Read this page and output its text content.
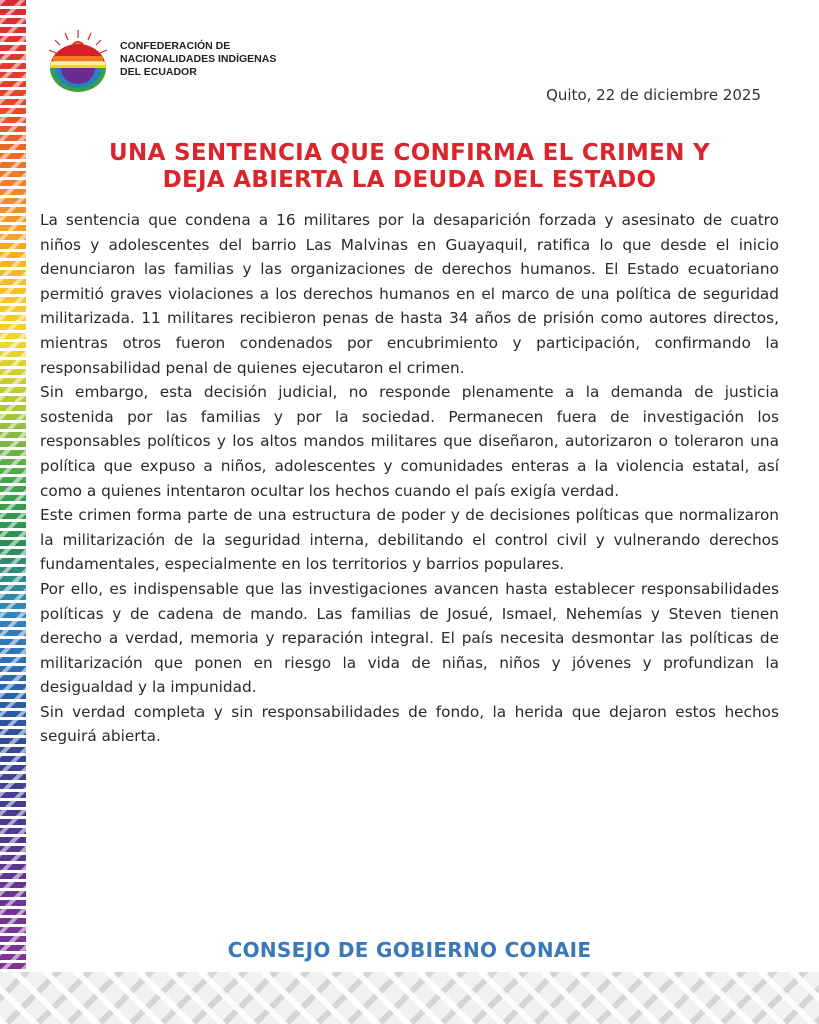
CONFEDERACIÓN DE
NACIONALIDADES INDÍGENAS
DEL ECUADOR
Quito, 22 de diciembre 2025
UNA SENTENCIA QUE CONFIRMA EL CRIMEN Y
DEJA ABIERTA LA DEUDA DEL ESTADO

La sentencia que condena a 16 militares por la desaparición forzada y asesinato de cuatro niños y adolescentes del barrio Las Malvinas en Guayaquil, ratifica lo que desde el inicio denunciaron las familias y las organizaciones de derechos humanos. El Estado ecuatoriano permitió graves violaciones a los derechos humanos en el marco de una política de seguridad militarizada. 11 militares recibieron penas de hasta 34 años de prisión como autores directos, mientras otros fueron condenados por encubrimiento y participación, confirmando la responsabilidad penal de quienes ejecutaron el crimen.

Sin embargo, esta decisión judicial, no responde plenamente a la demanda de justicia sostenida por las familias y por la sociedad. Permanecen fuera de investigación los responsables políticos y los altos mandos militares que diseñaron, autorizaron o toleraron una política que expuso a niños, adolescentes y comunidades enteras a la violencia estatal, así como a quienes intentaron ocultar los hechos cuando el país exigía verdad.

Este crimen forma parte de una estructura de poder y de decisiones políticas que normalizaron la militarización de la seguridad interna, debilitando el control civil y vulnerando derechos fundamentales, especialmente en los territorios y barrios populares.

Por ello, es indispensable que las investigaciones avancen hasta establecer responsabilidades políticas y de cadena de mando. Las familias de Josué, Ismael, Nehemías y Steven tienen derecho a verdad, memoria y reparación integral. El país necesita desmontar las políticas de militarización que ponen en riesgo la vida de niñas, niños y jóvenes y profundizan la desigualdad y la impunidad.

Sin verdad completa y sin responsabilidades de fondo, la herida que dejaron estos hechos seguirá abierta.

CONSEJO DE GOBIERNO CONAIE
